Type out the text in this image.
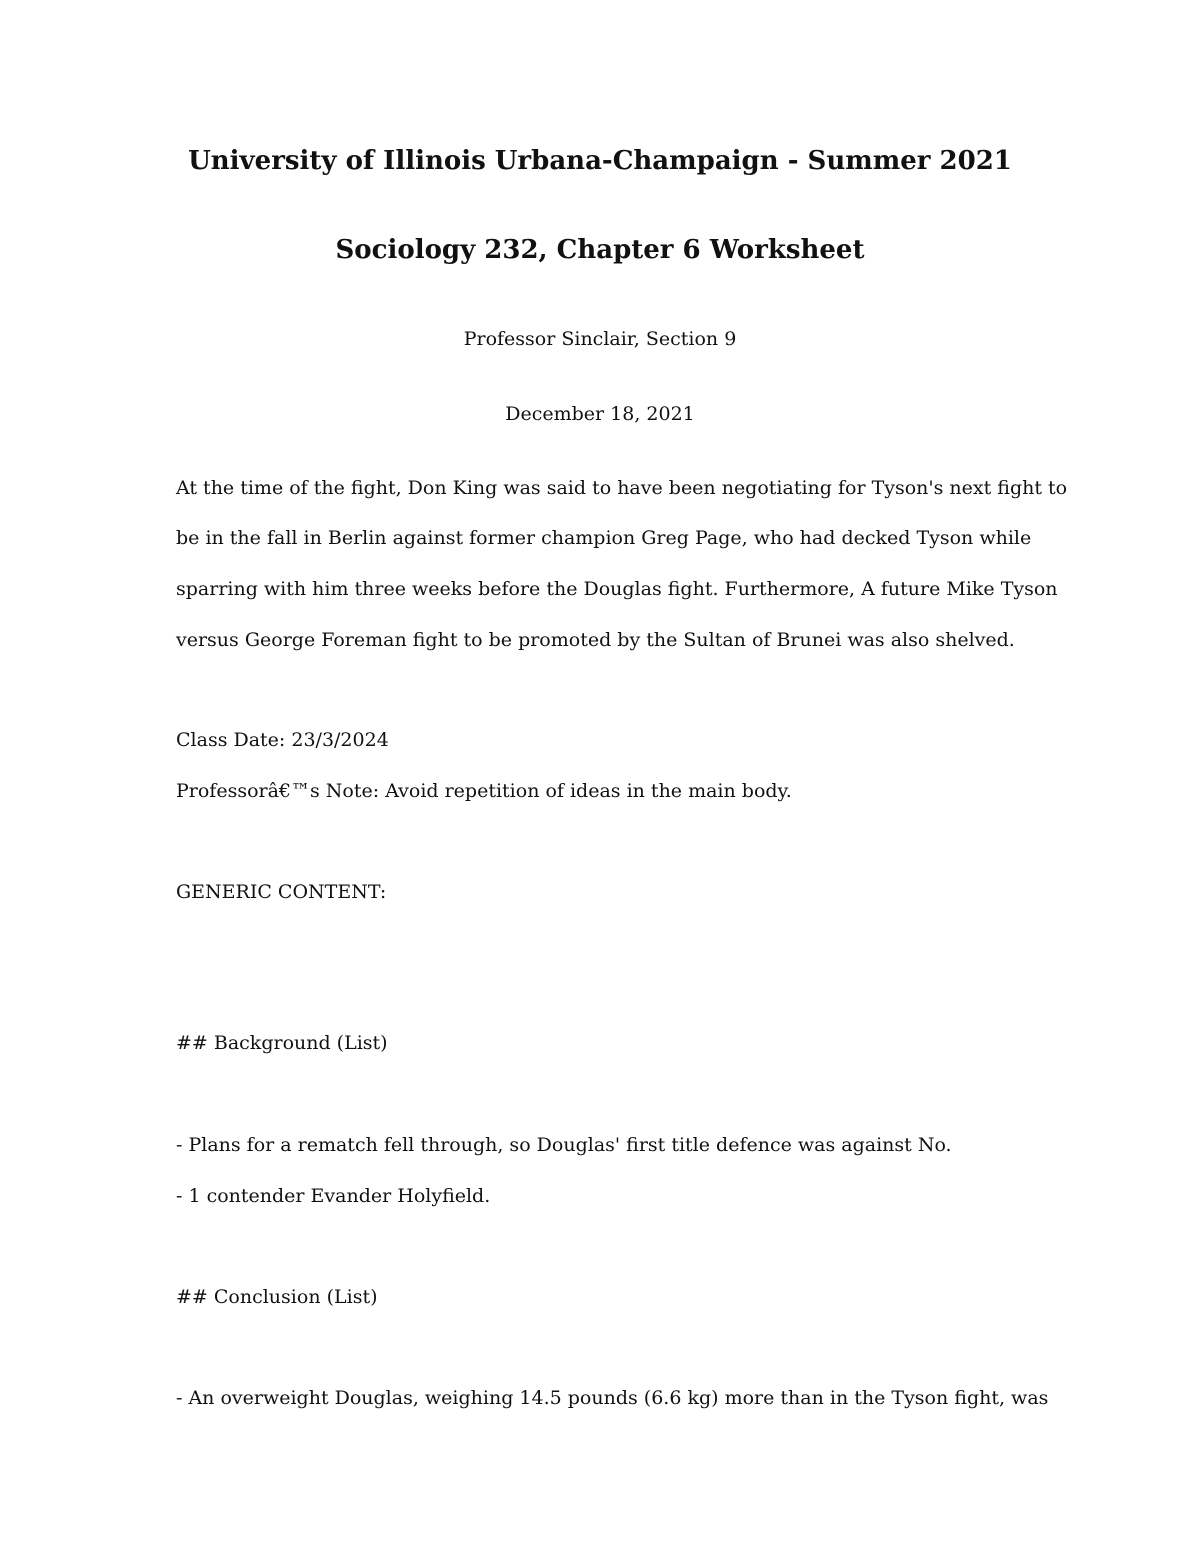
University of Illinois Urbana-Champaign - Summer 2021
Sociology 232, Chapter 6 Worksheet
Professor Sinclair, Section 9
December 18, 2021
At the time of the fight, Don King was said to have been negotiating for Tyson's next fight to
be in the fall in Berlin against former champion Greg Page, who had decked Tyson while
sparring with him three weeks before the Douglas fight. Furthermore, A future Mike Tyson
versus George Foreman fight to be promoted by the Sultan of Brunei was also shelved.
Class Date: 23/3/2024
Professorâ€™s Note: Avoid repetition of ideas in the main body.
GENERIC CONTENT:
## Background (List)
- Plans for a rematch fell through, so Douglas' first title defence was against No.
- 1 contender Evander Holyfield.
## Conclusion (List)
- An overweight Douglas, weighing 14.5 pounds (6.6 kg) more than in the Tyson fight, was
